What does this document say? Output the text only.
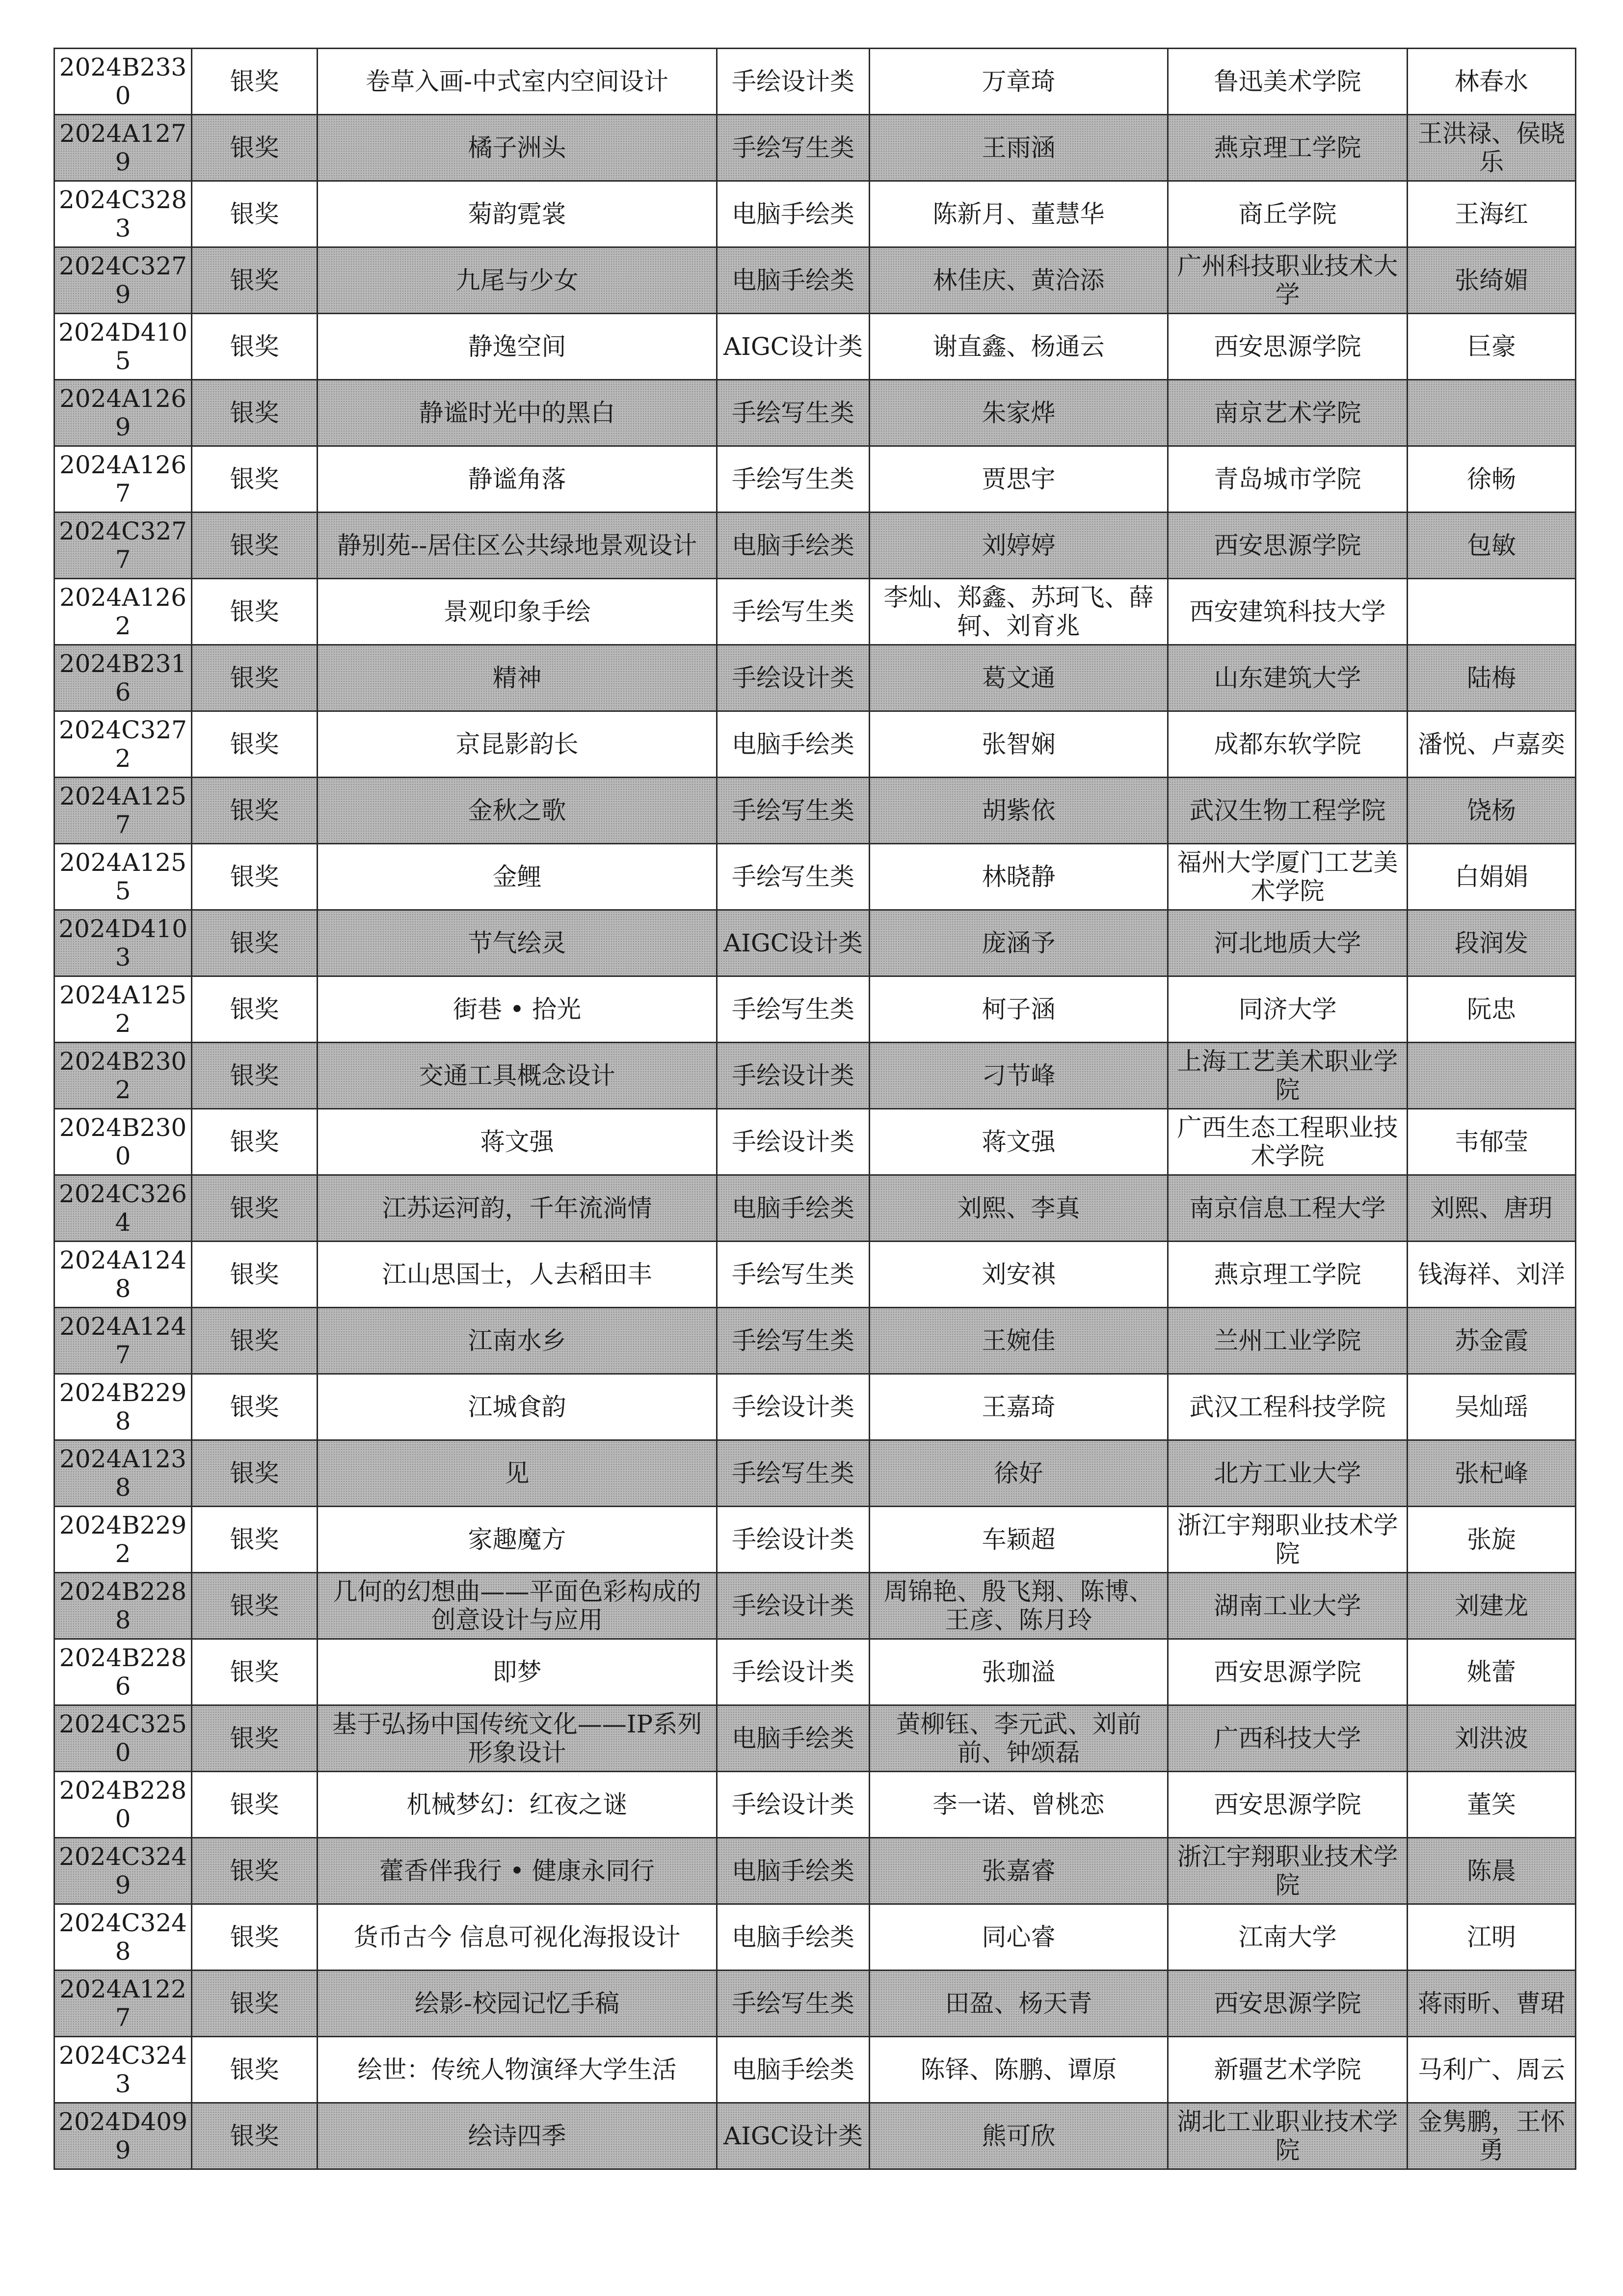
2024B2330	银奖	卷草入画-中式室内空间设计	手绘设计类	万章琦	鲁迅美术学院	林春水
2024A1279	银奖	橘子洲头	手绘写生类	王雨涵	燕京理工学院	王洪禄、侯晓乐
2024C3283	银奖	菊韵霓裳	电脑手绘类	陈新月、董慧华	商丘学院	王海红
2024C3279	银奖	九尾与少女	电脑手绘类	林佳庆、黄洽添	广州科技职业技术大学	张绮媚
2024D4105	银奖	静逸空间	AIGC设计类	谢直鑫、杨通云	西安思源学院	巨豪
2024A1269	银奖	静谧时光中的黑白	手绘写生类	朱家烨	南京艺术学院	
2024A1267	银奖	静谧角落	手绘写生类	贾思宇	青岛城市学院	徐畅
2024C3277	银奖	静别苑--居住区公共绿地景观设计	电脑手绘类	刘婷婷	西安思源学院	包敏
2024A1262	银奖	景观印象手绘	手绘写生类	李灿、郑鑫、苏珂飞、薛轲、刘育兆	西安建筑科技大学	
2024B2316	银奖	精神	手绘设计类	葛文通	山东建筑大学	陆梅
2024C3272	银奖	京昆影韵长	电脑手绘类	张智娴	成都东软学院	潘悦、卢嘉奕
2024A1257	银奖	金秋之歌	手绘写生类	胡紫依	武汉生物工程学院	饶杨
2024A1255	银奖	金鲤	手绘写生类	林晓静	福州大学厦门工艺美术学院	白娟娟
2024D4103	银奖	节气绘灵	AIGC设计类	庞涵予	河北地质大学	段润发
2024A1252	银奖	街巷 • 拾光	手绘写生类	柯子涵	同济大学	阮忠
2024B2302	银奖	交通工具概念设计	手绘设计类	刁节峰	上海工艺美术职业学院	
2024B2300	银奖	蒋文强	手绘设计类	蒋文强	广西生态工程职业技术学院	韦郁莹
2024C3264	银奖	江苏运河韵，千年流淌情	电脑手绘类	刘熙、李真	南京信息工程大学	刘熙、唐玥
2024A1248	银奖	江山思国士，人去稻田丰	手绘写生类	刘安祺	燕京理工学院	钱海祥、刘洋
2024A1247	银奖	江南水乡	手绘写生类	王婉佳	兰州工业学院	苏金霞
2024B2298	银奖	江城食韵	手绘设计类	王嘉琦	武汉工程科技学院	吴灿瑶
2024A1238	银奖	见	手绘写生类	徐好	北方工业大学	张杞峰
2024B2292	银奖	家趣魔方	手绘设计类	车颖超	浙江宇翔职业技术学院	张旋
2024B2288	银奖	几何的幻想曲——平面色彩构成的创意设计与应用	手绘设计类	周锦艳、殷飞翔、陈博、王彦、陈月玲	湖南工业大学	刘建龙
2024B2286	银奖	即梦	手绘设计类	张珈溢	西安思源学院	姚蕾
2024C3250	银奖	基于弘扬中国传统文化——IP系列形象设计	电脑手绘类	黄柳钰、李元武、刘前前、钟颂磊	广西科技大学	刘洪波
2024B2280	银奖	机械梦幻：红夜之谜	手绘设计类	李一诺、曾桃恋	西安思源学院	董笑
2024C3249	银奖	藿香伴我行 • 健康永同行	电脑手绘类	张嘉睿	浙江宇翔职业技术学院	陈晨
2024C3248	银奖	货币古今 信息可视化海报设计	电脑手绘类	同心睿	江南大学	江明
2024A1227	银奖	绘影-校园记忆手稿	手绘写生类	田盈、杨天青	西安思源学院	蒋雨昕、曹珺
2024C3243	银奖	绘世：传统人物演绎大学生活	电脑手绘类	陈铎、陈鹏、谭原	新疆艺术学院	马利广、周云
2024D4099	银奖	绘诗四季	AIGC设计类	熊可欣	湖北工业职业技术学院	金隽鹏，王怀勇
